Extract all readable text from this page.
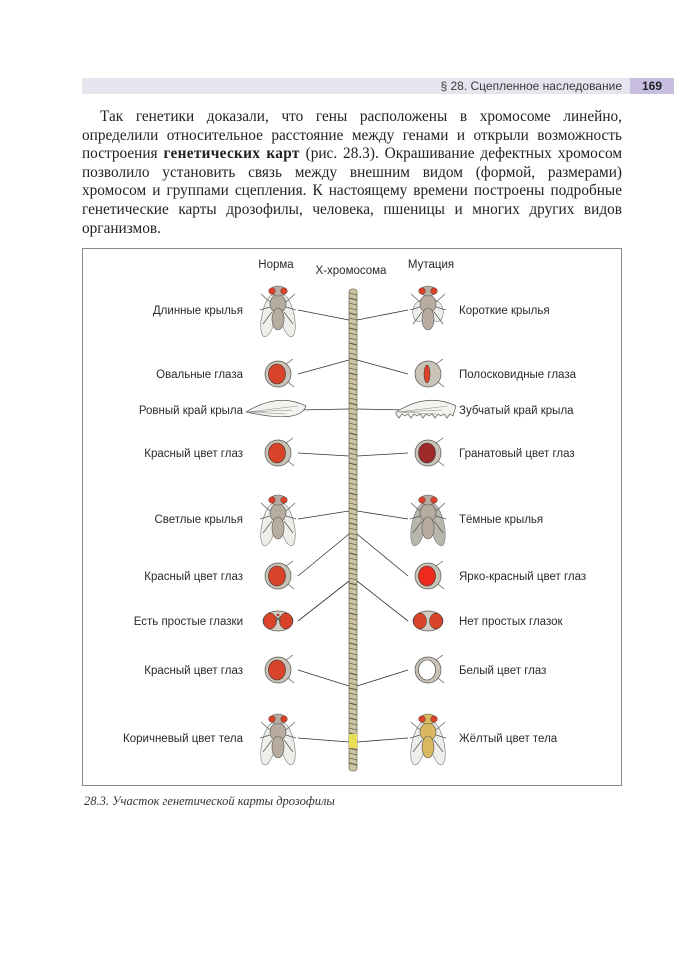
§ 28. Сцепленное наследование	169
Так генетики доказали, что гены расположены в хромосоме линейно, определили относительное расстояние между генами и открыли возможность построения генетических карт (рис. 28.3). Окрашивание дефектных хромосом позволило установить связь между внешним видом (формой, размерами) хромосом и группами сцепления. К настоящему времени построены подробные генетические карты дрозофилы, человека, пшеницы и многих других видов организмов.
Норма Х-хромосома Мутация
Длинные крылья	Короткие крылья
Овальные глаза	Полосковидные глаза
Ровный край крыла	Зубчатый край крыла
Красный цвет глаз	Гранатовый цвет глаз
Светлые крылья	Тёмные крылья
Красный цвет глаз	Ярко-красный цвет глаз
Есть простые глазки	Нет простых глазок
Красный цвет глаз	Белый цвет глаз
Коричневый цвет тела	Жёлтый цвет тела
28.3. Участок генетической карты дрозофилы
